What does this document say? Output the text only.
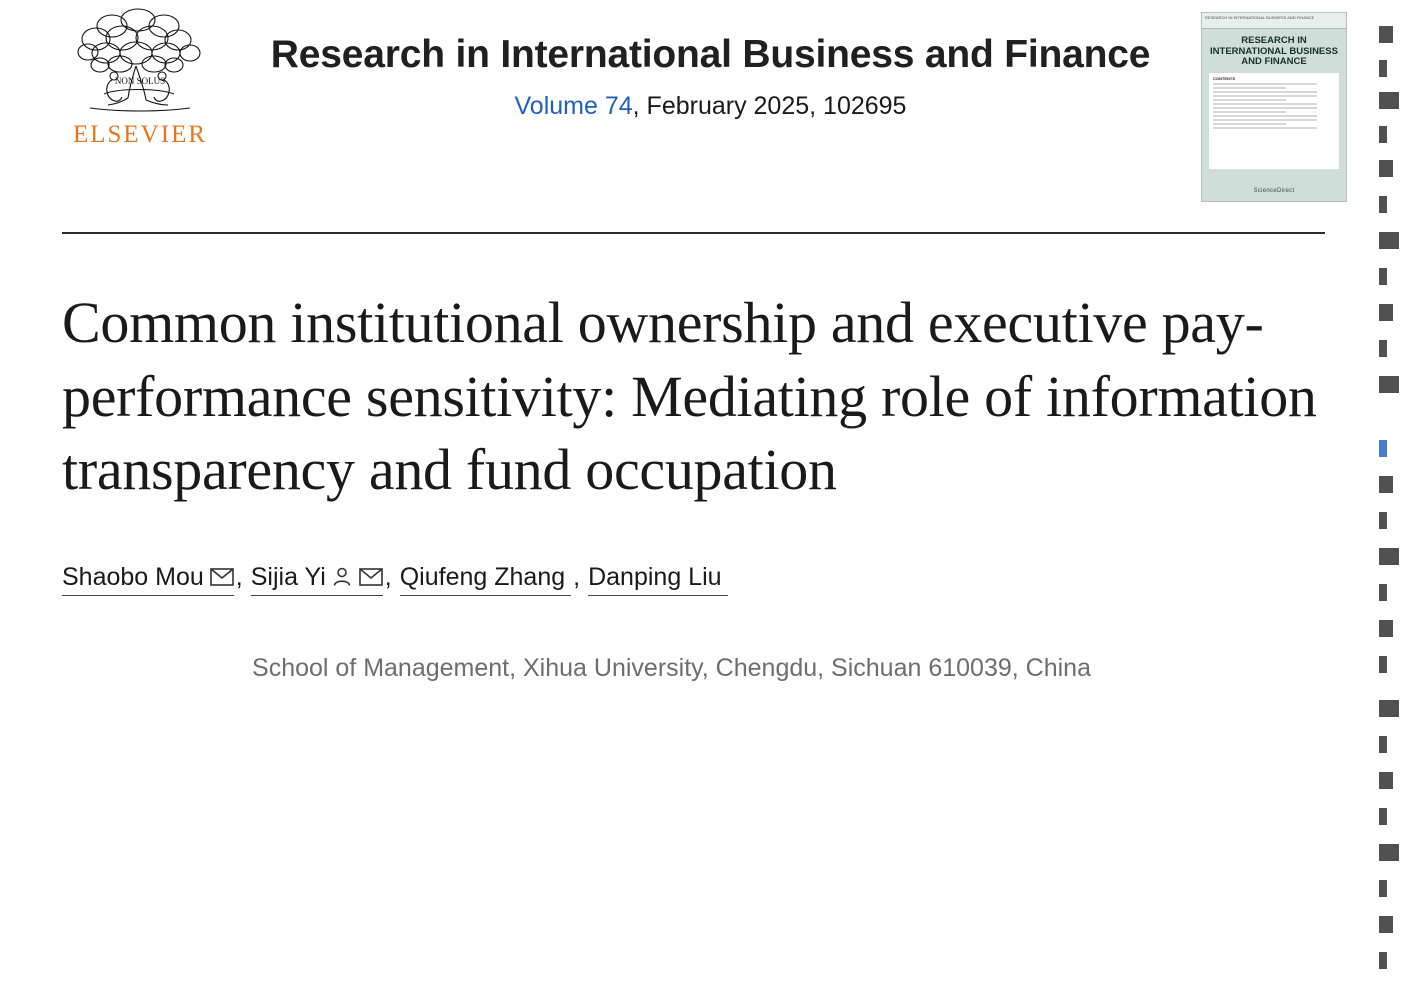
NON SOLUS
ELSEVIER
Research in International Business and Finance
Volume 74, February 2025, 102695
RESEARCH IN INTERNATIONAL BUSINESS AND FINANCE
RESEARCH IN INTERNATIONAL BUSINESS AND FINANCE
CONTENTS
ScienceDirect
Common institutional ownership and executive pay-performance sensitivity: Mediating role of information transparency and fund occupation
Shaobo Mou , Sijia Yi , Qiufeng Zhang , Danping Liu
School of Management, Xihua University, Chengdu, Sichuan 610039, China
